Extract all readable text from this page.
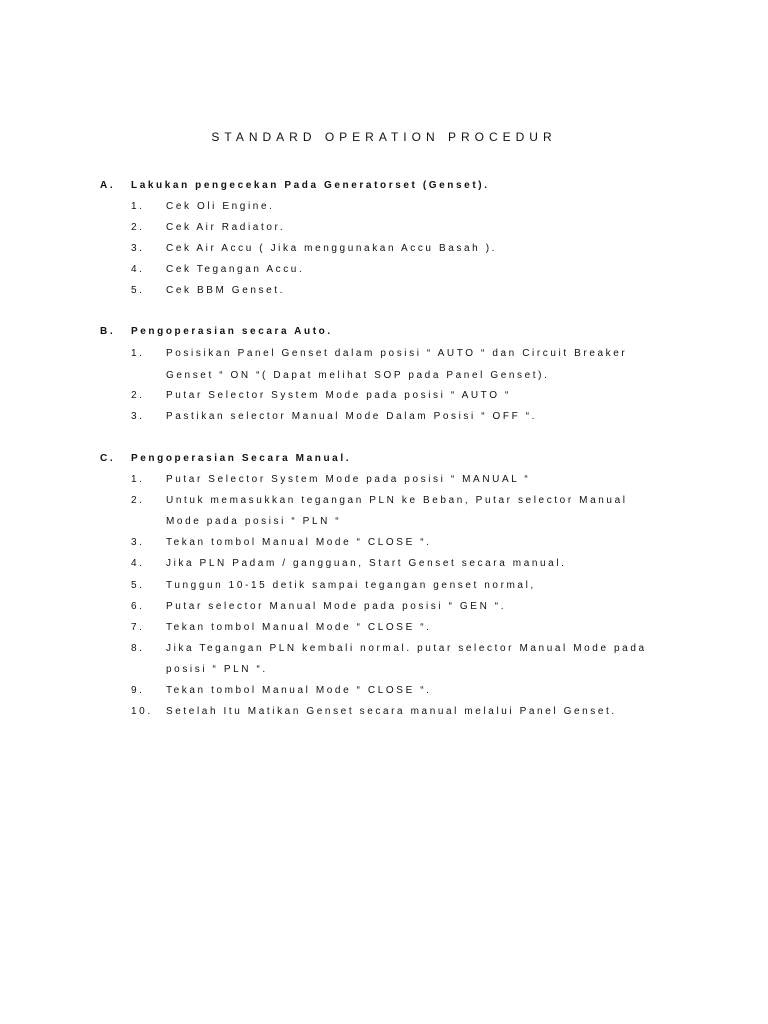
STANDARD OPERATION PROCEDUR
A. Lakukan pengecekan Pada Generatorset (Genset).
1. Cek Oli Engine.
2. Cek Air Radiator.
3. Cek Air Accu ( Jika menggunakan Accu Basah ).
4. Cek Tegangan Accu.
5. Cek BBM Genset.
B. Pengoperasian secara Auto.
1. Posisikan Panel Genset dalam posisi “ AUTO “ dan Circuit Breaker
Genset “ ON “( Dapat melihat SOP pada Panel Genset).
2. Putar Selector System Mode pada posisi “ AUTO “
3. Pastikan selector Manual Mode Dalam Posisi “ OFF “.
C. Pengoperasian Secara Manual.
1. Putar Selector System Mode pada posisi “ MANUAL “
2. Untuk memasukkan tegangan PLN ke Beban, Putar selector Manual
Mode pada posisi “ PLN “
3. Tekan tombol Manual Mode “ CLOSE “.
4. Jika PLN Padam / gangguan, Start Genset secara manual.
5. Tunggun 10-15 detik sampai tegangan genset normal,
6. Putar selector Manual Mode pada posisi “ GEN “.
7. Tekan tombol Manual Mode “ CLOSE “.
8. Jika Tegangan PLN kembali normal. putar selector Manual Mode pada
posisi “ PLN “.
9. Tekan tombol Manual Mode “ CLOSE “.
10. Setelah Itu Matikan Genset secara manual melalui Panel Genset.
